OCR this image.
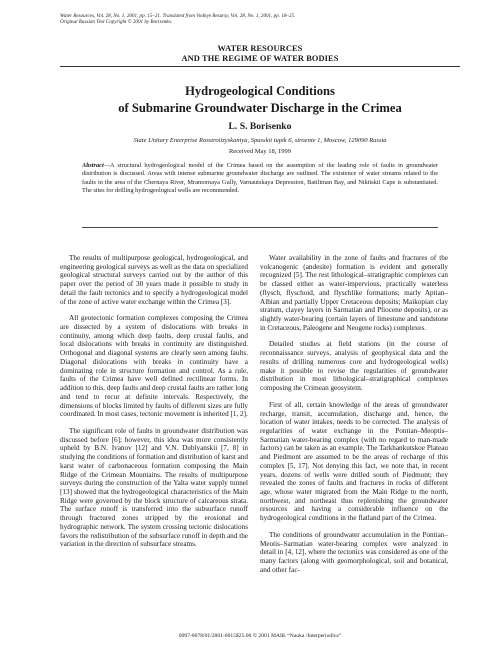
Water Resources, Vol. 28, No. 1, 2001, pp. 15–21. Translated from Vodnye Resursy, Vol. 28, No. 1, 2001, pp. 18–25.
Original Russian Text Copyright © 2001 by Borisenko.
WATER RESOURCES
AND THE REGIME OF WATER BODIES
Hydrogeological Conditions
of Submarine Groundwater Discharge in the Crimea
L. S. Borisenko
State Unitary Enterprise Rosstroiizyskaniya, Spasskii tupik 6, stroenie 1, Moscow, 129090 Russia
Received May 18, 1999
Abstract—A structural hydrogeological model of the Crimea based on the assumption of the leading role of faults in groundwater distribution is discussed. Areas with intense submarine groundwater discharge are outlined. The existence of water streams related to the faults in the area of the Chernaya River, Mramornaya Gully, Varnautskaya Depression, Batiliman Bay, and Nikitskii Cape is substantiated. The sites for drilling hydrogeological wells are recommended.

The results of multipurpose geological, hydrogeological, and engineering geological surveys as well as the data on specialized geological structural surveys carried out by the author of this paper over the period of 30 years made it possible to study in detail the fault tectonics and to specify a hydrogeological model of the zone of active water exchange within the Crimea [3].

All geotectonic formation complexes composing the Crimea are dissected by a system of dislocations with breaks in continuity, among which deep faults, deep crustal faults, and local dislocations with breaks in continuity are distinguished. Orthogonal and diagonal systems are clearly seen among faults. Diagonal dislocations with breaks in continuity have a dominating role in structure formation and control. As a rule, faults of the Crimea have well defined rectilinear forms. In addition to this, deep faults and deep crustal faults are rather long and tend to recur at definite intervals. Respectively, the dimensions of blocks limited by faults of different sizes are fully coordinated. In most cases, tectonic movement is inherited [1, 2].

The significant role of faults in groundwater distribution was discussed before [6]; however, this idea was more consistently upheld by B.N. Ivanov [12] and V.N. Dublyanskii [7, 8] in studying the conditions of formation and distribution of karst and karst water of carbonaceous formation composing the Main Ridge of the Crimean Mountains. The results of multipurpose surveys during the construction of the Yalta water supply tunnel [13] showed that the hydrogeological characteristics of the Main Ridge were governed by the block structure of calcareous strata. The surface runoff is transferred into the subsurface runoff through fractured zones stripped by the erosional and hydrographic network. The system crossing tectonic dislocations favors the redistribution of the subsurface runoff in depth and the variation in the direction of subsurface streams.

Water availability in the zone of faults and fractures of the volcanogenic (andesite) formation is evident and generally recognized [5]. The rest lithological–stratigraphic complexes can be classed either as water-impervious, practically waterless (flysch, flyschoid, and flyschlike formations; marly Aptian–Albian and partially Upper Cretaceous deposits; Maikopian clay stratum, clayey layers in Sarmatian and Pliocene deposits), or as slightly water-bearing (certain layers of limestone and sandstone in Cretaceous, Paleogene and Neogene rocks) complexes.

Detailed studies at field stations (in the course of reconnaissance surveys, analysis of geophysical data and the results of drilling numerous core and hydrogeological wells) make it possible to revise the regularities of groundwater distribution in most lithological–stratigraphical complexes composing the Crimean geosystem.

First of all, certain knowledge of the areas of groundwater recharge, transit, accumulation, discharge and, hence, the location of water intakes, needs to be corrected. The analysis of regularities of water exchange in the Pontian–Meoptis–Sarmatian water-bearing complex (with no regard to man-made factors) can be taken as an example. The Tarkhankutskoe Plateau and Piedmont are assumed to be the areas of recharge of this complex [5, 17]. Not denying this fact, we note that, in recent years, dozens of wells were drilled south of Piedmont; they revealed the zones of faults and fractures in rocks of different age, whose water migrated from the Main Ridge to the north, northwest, and northeast thus replenishing the groundwater resources and having a considerable influence on the hydrogeological conditions in the flatland part of the Crimea.

The conditions of groundwater accumulation in the Pontian–Meotis–Sarmatian water-bearing complex were analyzed in detail in [4, 12], where the tectonics was considered as one of the many factors (along with geomorphological, soil and botanical, and other fac-

0097-8078/01/2801-0015$25.00 © 2001 MAIK “Nauka /Interperiodica”
